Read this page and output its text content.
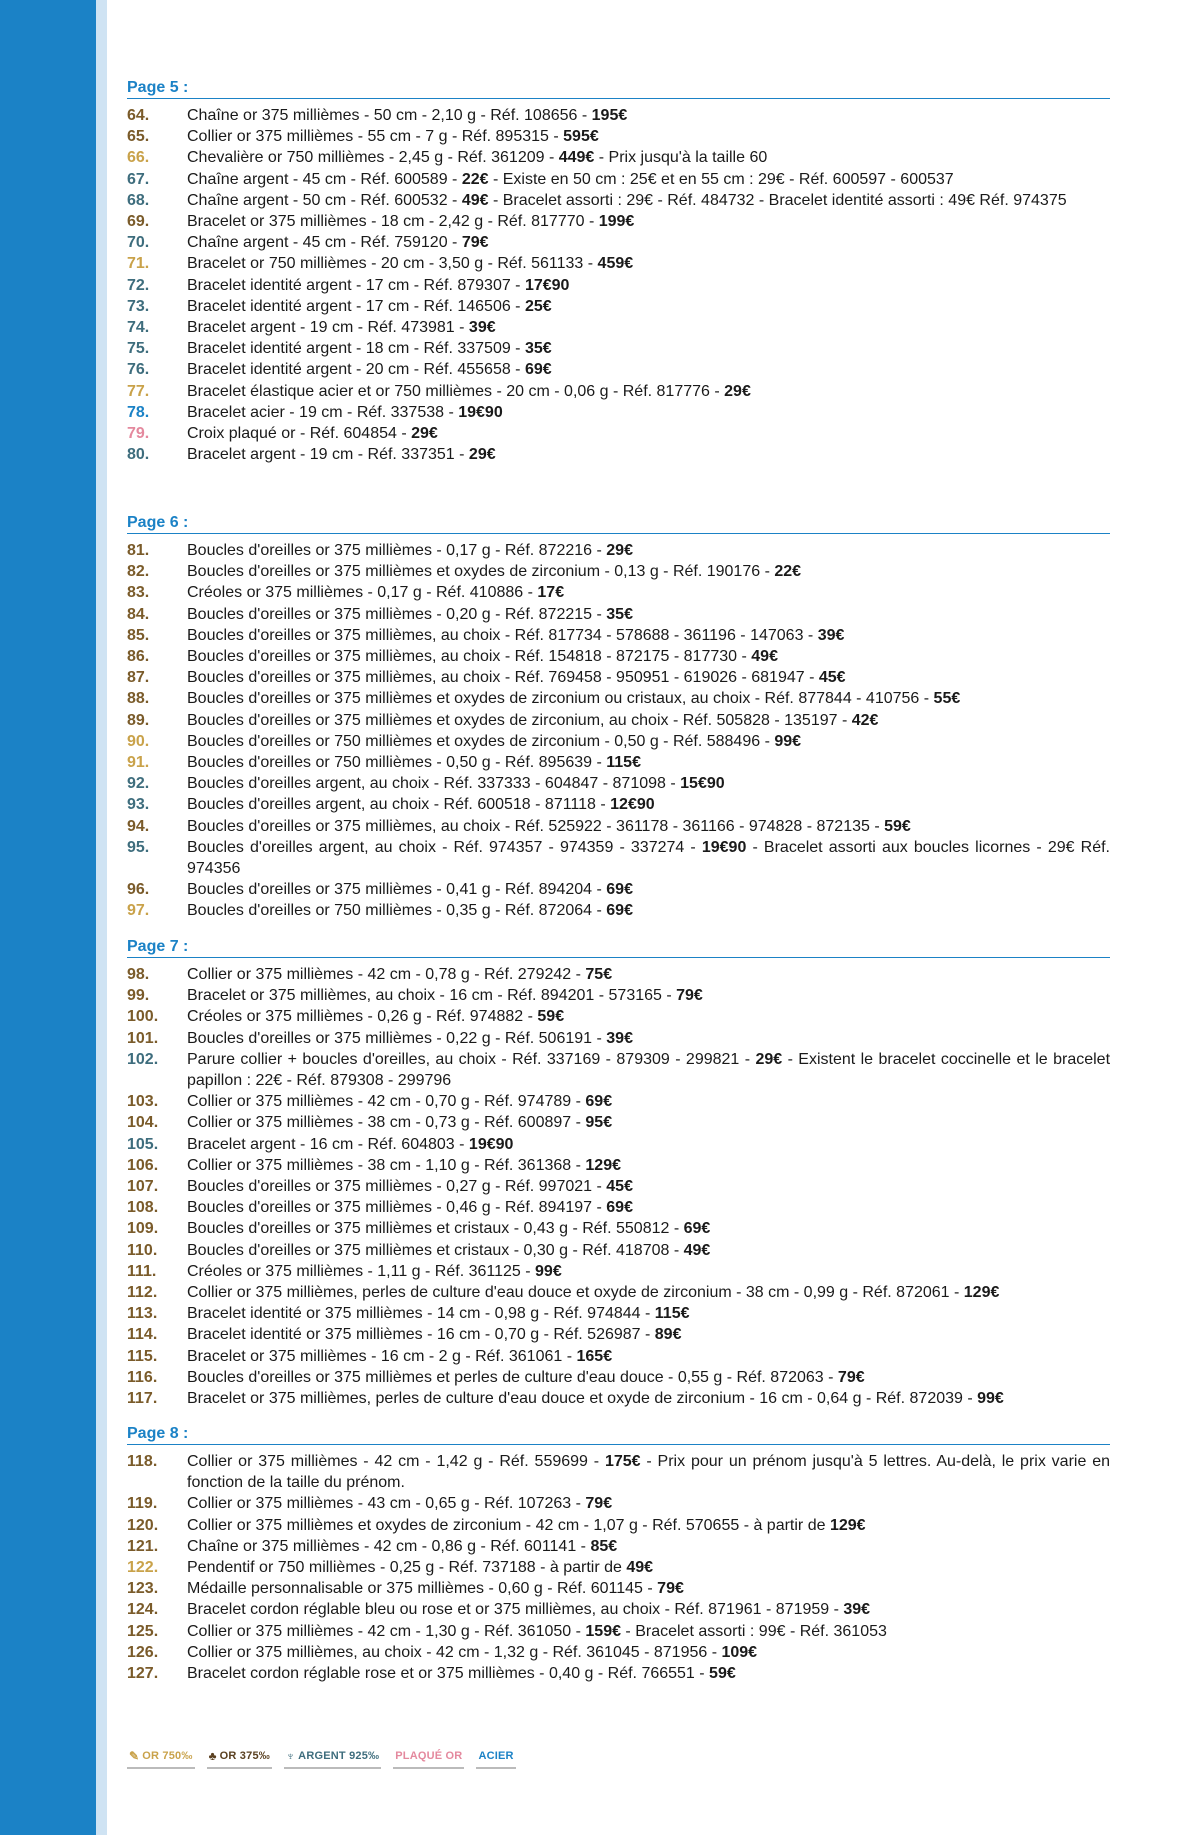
Page 5 :
64.	Chaîne or 375 millièmes - 50 cm - 2,10 g - Réf. 108656 - 195€
65.	Collier or 375 millièmes - 55 cm - 7 g - Réf. 895315 - 595€
66.	Chevalière or 750 millièmes - 2,45 g - Réf. 361209 - 449€ - Prix jusqu'à la taille 60
67.	Chaîne argent - 45 cm - Réf. 600589 - 22€ - Existe en 50 cm : 25€ et en 55 cm : 29€ - Réf. 600597 - 600537
68.	Chaîne argent - 50 cm - Réf. 600532 - 49€ - Bracelet assorti : 29€ - Réf. 484732 - Bracelet identité assorti : 49€ Réf. 974375
69.	Bracelet or 375 millièmes - 18 cm - 2,42 g - Réf. 817770 - 199€
70.	Chaîne argent - 45 cm - Réf. 759120 - 79€
71.	Bracelet or 750 millièmes - 20 cm - 3,50 g - Réf. 561133 - 459€
72.	Bracelet identité argent - 17 cm - Réf. 879307 - 17€90
73.	Bracelet identité argent - 17 cm - Réf. 146506 - 25€
74.	Bracelet argent - 19 cm - Réf. 473981 - 39€
75.	Bracelet identité argent - 18 cm - Réf. 337509 - 35€
76.	Bracelet identité argent - 20 cm - Réf. 455658 - 69€
77.	Bracelet élastique acier et or 750 millièmes - 20 cm - 0,06 g - Réf. 817776 - 29€
78.	Bracelet acier - 19 cm - Réf. 337538 - 19€90
79.	Croix plaqué or - Réf. 604854 - 29€
80.	Bracelet argent - 19 cm - Réf. 337351 - 29€
Page 6 :
81.	Boucles d'oreilles or 375 millièmes - 0,17 g - Réf. 872216 - 29€
82.	Boucles d'oreilles or 375 millièmes et oxydes de zirconium - 0,13 g - Réf. 190176 - 22€
83.	Créoles or 375 millièmes - 0,17 g - Réf. 410886 - 17€
84.	Boucles d'oreilles or 375 millièmes - 0,20 g - Réf. 872215 - 35€
85.	Boucles d'oreilles or 375 millièmes, au choix - Réf. 817734 - 578688 - 361196 - 147063 - 39€
86.	Boucles d'oreilles or 375 millièmes, au choix - Réf. 154818 - 872175 - 817730 - 49€
87.	Boucles d'oreilles or 375 millièmes, au choix - Réf. 769458 - 950951 - 619026 - 681947 - 45€
88.	Boucles d'oreilles or 375 millièmes et oxydes de zirconium ou cristaux, au choix - Réf. 877844 - 410756 - 55€
89.	Boucles d'oreilles or 375 millièmes et oxydes de zirconium, au choix - Réf. 505828 - 135197 - 42€
90.	Boucles d'oreilles or 750 millièmes et oxydes de zirconium - 0,50 g - Réf. 588496 - 99€
91.	Boucles d'oreilles or 750 millièmes - 0,50 g - Réf. 895639 - 115€
92.	Boucles d'oreilles argent, au choix - Réf. 337333 - 604847 - 871098 - 15€90
93.	Boucles d'oreilles argent, au choix - Réf. 600518 - 871118 - 12€90
94.	Boucles d'oreilles or 375 millièmes, au choix - Réf. 525922 - 361178 - 361166 - 974828 - 872135 - 59€
95.	Boucles d'oreilles argent, au choix - Réf. 974357 - 974359 - 337274 - 19€90 - Bracelet assorti aux boucles licornes - 29€ Réf. 974356
96.	Boucles d'oreilles or 375 millièmes - 0,41 g - Réf. 894204 - 69€
97.	Boucles d'oreilles or 750 millièmes - 0,35 g - Réf. 872064 - 69€
Page 7 :
98.	Collier or 375 millièmes - 42 cm - 0,78 g - Réf. 279242 - 75€
99.	Bracelet or 375 millièmes, au choix - 16 cm - Réf. 894201 - 573165 - 79€
100.	Créoles or 375 millièmes - 0,26 g - Réf. 974882 - 59€
101.	Boucles d'oreilles or 375 millièmes - 0,22 g - Réf. 506191 - 39€
102.	Parure collier + boucles d'oreilles, au choix - Réf. 337169 - 879309 - 299821 - 29€ - Existent le bracelet coccinelle et le bracelet papillon : 22€ - Réf. 879308 - 299796
103.	Collier or 375 millièmes - 42 cm - 0,70 g - Réf. 974789 - 69€
104.	Collier or 375 millièmes - 38 cm - 0,73 g - Réf. 600897 - 95€
105.	Bracelet argent - 16 cm - Réf. 604803 - 19€90
106.	Collier or 375 millièmes - 38 cm - 1,10 g - Réf. 361368 - 129€
107.	Boucles d'oreilles or 375 millièmes - 0,27 g - Réf. 997021 - 45€
108.	Boucles d'oreilles or 375 millièmes - 0,46 g - Réf. 894197 - 69€
109.	Boucles d'oreilles or 375 millièmes et cristaux - 0,43 g - Réf. 550812 - 69€
110.	Boucles d'oreilles or 375 millièmes et cristaux - 0,30 g - Réf. 418708 - 49€
111.	Créoles or 375 millièmes - 1,11 g - Réf. 361125 - 99€
112.	Collier or 375 millièmes, perles de culture d'eau douce et oxyde de zirconium - 38 cm - 0,99 g - Réf. 872061 - 129€
113.	Bracelet identité or 375 millièmes - 14 cm - 0,98 g - Réf. 974844 - 115€
114.	Bracelet identité or 375 millièmes - 16 cm - 0,70 g - Réf. 526987 - 89€
115.	Bracelet or 375 millièmes - 16 cm - 2 g - Réf. 361061 - 165€
116.	Boucles d'oreilles or 375 millièmes et perles de culture d'eau douce - 0,55 g - Réf. 872063 - 79€
117.	Bracelet or 375 millièmes, perles de culture d'eau douce et oxyde de zirconium - 16 cm - 0,64 g - Réf. 872039 - 99€
Page 8 :
118.	Collier or 375 millièmes - 42 cm - 1,42 g - Réf. 559699 - 175€ - Prix pour un prénom jusqu'à 5 lettres. Au-delà, le prix varie en fonction de la taille du prénom.
119.	Collier or 375 millièmes - 43 cm - 0,65 g - Réf. 107263 - 79€
120.	Collier or 375 millièmes et oxydes de zirconium - 42 cm - 1,07 g - Réf. 570655 - à partir de 129€
121.	Chaîne or 375 millièmes - 42 cm - 0,86 g - Réf. 601141 - 85€
122.	Pendentif or 750 millièmes - 0,25 g - Réf. 737188 - à partir de 49€
123.	Médaille personnalisable or 375 millièmes - 0,60 g - Réf. 601145 - 79€
124.	Bracelet cordon réglable bleu ou rose et or 375 millièmes, au choix - Réf. 871961 - 871959 - 39€
125.	Collier or 375 millièmes - 42 cm - 1,30 g - Réf. 361050 - 159€ - Bracelet assorti : 99€ - Réf. 361053
126.	Collier or 375 millièmes, au choix - 42 cm - 1,32 g - Réf. 361045 - 871956 - 109€
127.	Bracelet cordon réglable rose et or 375 millièmes - 0,40 g - Réf. 766551 - 59€
✎ OR 750‰ ♣ OR 375‰ ♆ ARGENT 925‰ PLAQUÉ OR ACIER
